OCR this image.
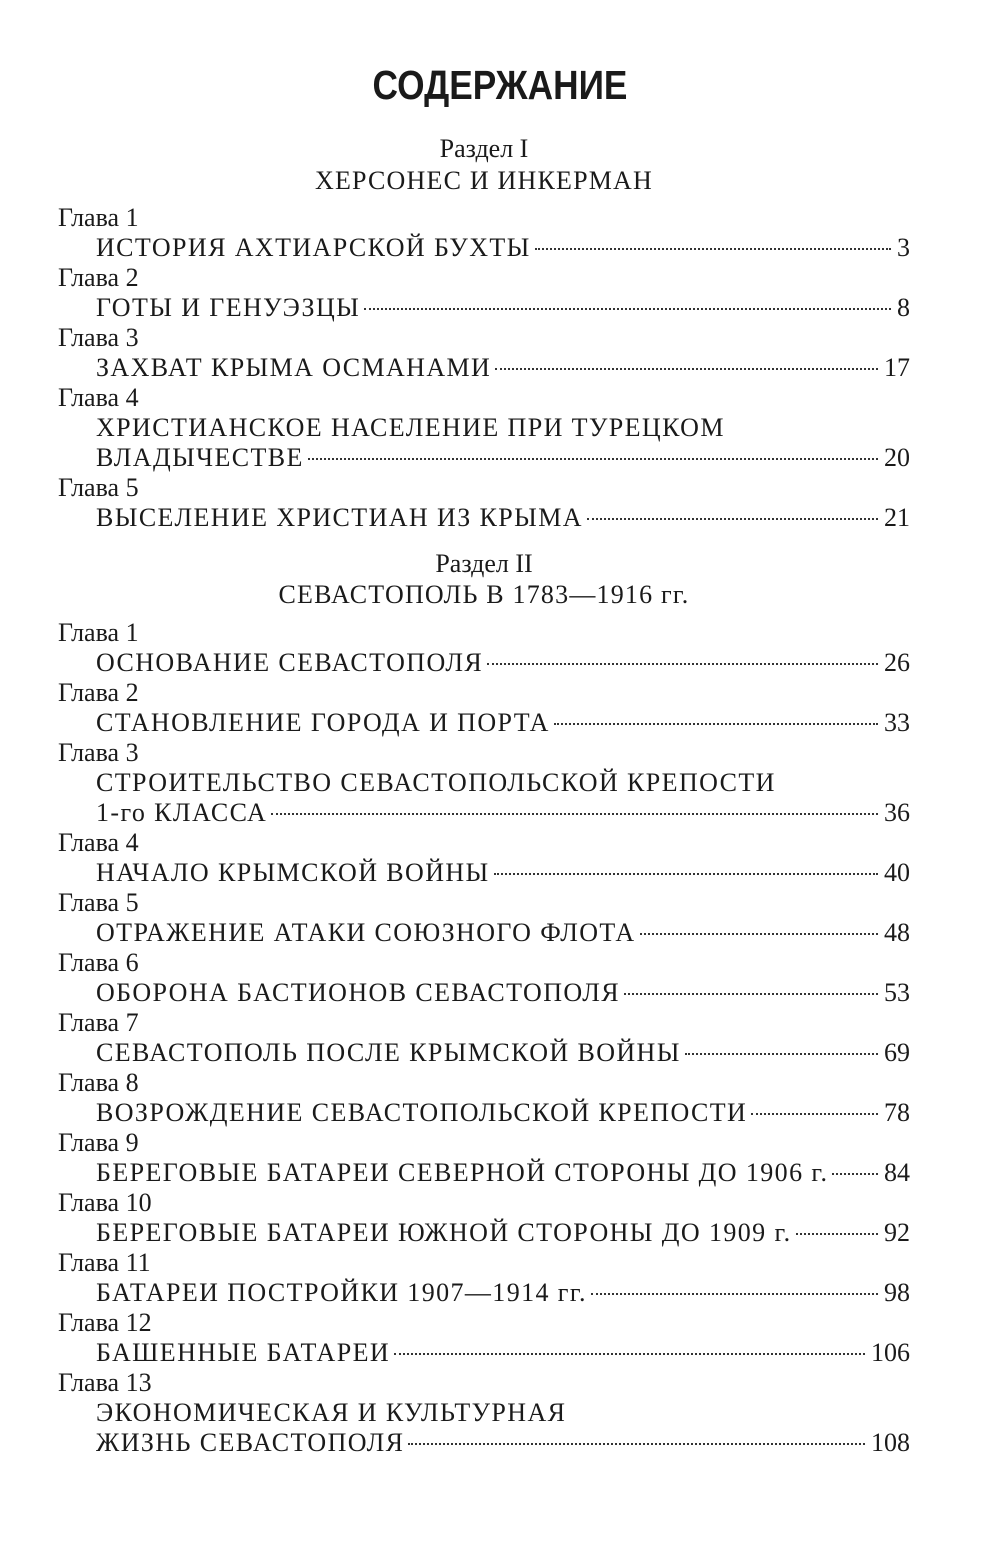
СОДЕРЖАНИЕ
Раздел I
ХЕРСОНЕС И ИНКЕРМАН
Глава 1
ИСТОРИЯ АХТИАРСКОЙ БУХТЫ	3
Глава 2
ГОТЫ И ГЕНУЭЗЦЫ	8
Глава 3
ЗАХВАТ КРЫМА ОСМАНАМИ	17
Глава 4
ХРИСТИАНСКОЕ НАСЕЛЕНИЕ ПРИ ТУРЕЦКОМ
ВЛАДЫЧЕСТВЕ	20
Глава 5
ВЫСЕЛЕНИЕ ХРИСТИАН ИЗ КРЫМА	21
Раздел II
СЕВАСТОПОЛЬ В 1783—1916 гг.
Глава 1
ОСНОВАНИЕ СЕВАСТОПОЛЯ	26
Глава 2
СТАНОВЛЕНИЕ ГОРОДА И ПОРТА	33
Глава 3
СТРОИТЕЛЬСТВО СЕВАСТОПОЛЬСКОЙ КРЕПОСТИ
1-го КЛАССА	36
Глава 4
НАЧАЛО КРЫМСКОЙ ВОЙНЫ	40
Глава 5
ОТРАЖЕНИЕ АТАКИ СОЮЗНОГО ФЛОТА	48
Глава 6
ОБОРОНА БАСТИОНОВ СЕВАСТОПОЛЯ	53
Глава 7
СЕВАСТОПОЛЬ ПОСЛЕ КРЫМСКОЙ ВОЙНЫ	69
Глава 8
ВОЗРОЖДЕНИЕ СЕВАСТОПОЛЬСКОЙ КРЕПОСТИ	78
Глава 9
БЕРЕГОВЫЕ БАТАРЕИ СЕВЕРНОЙ СТОРОНЫ ДО 1906 г. 84
Глава 10
БЕРЕГОВЫЕ БАТАРЕИ ЮЖНОЙ СТОРОНЫ ДО 1909 г.	92
Глава 11
БАТАРЕИ ПОСТРОЙКИ 1907—1914 гг.	98
Глава 12
БАШЕННЫЕ БАТАРЕИ	106
Глава 13
ЭКОНОМИЧЕСКАЯ И КУЛЬТУРНАЯ
ЖИЗНЬ СЕВАСТОПОЛЯ	108
